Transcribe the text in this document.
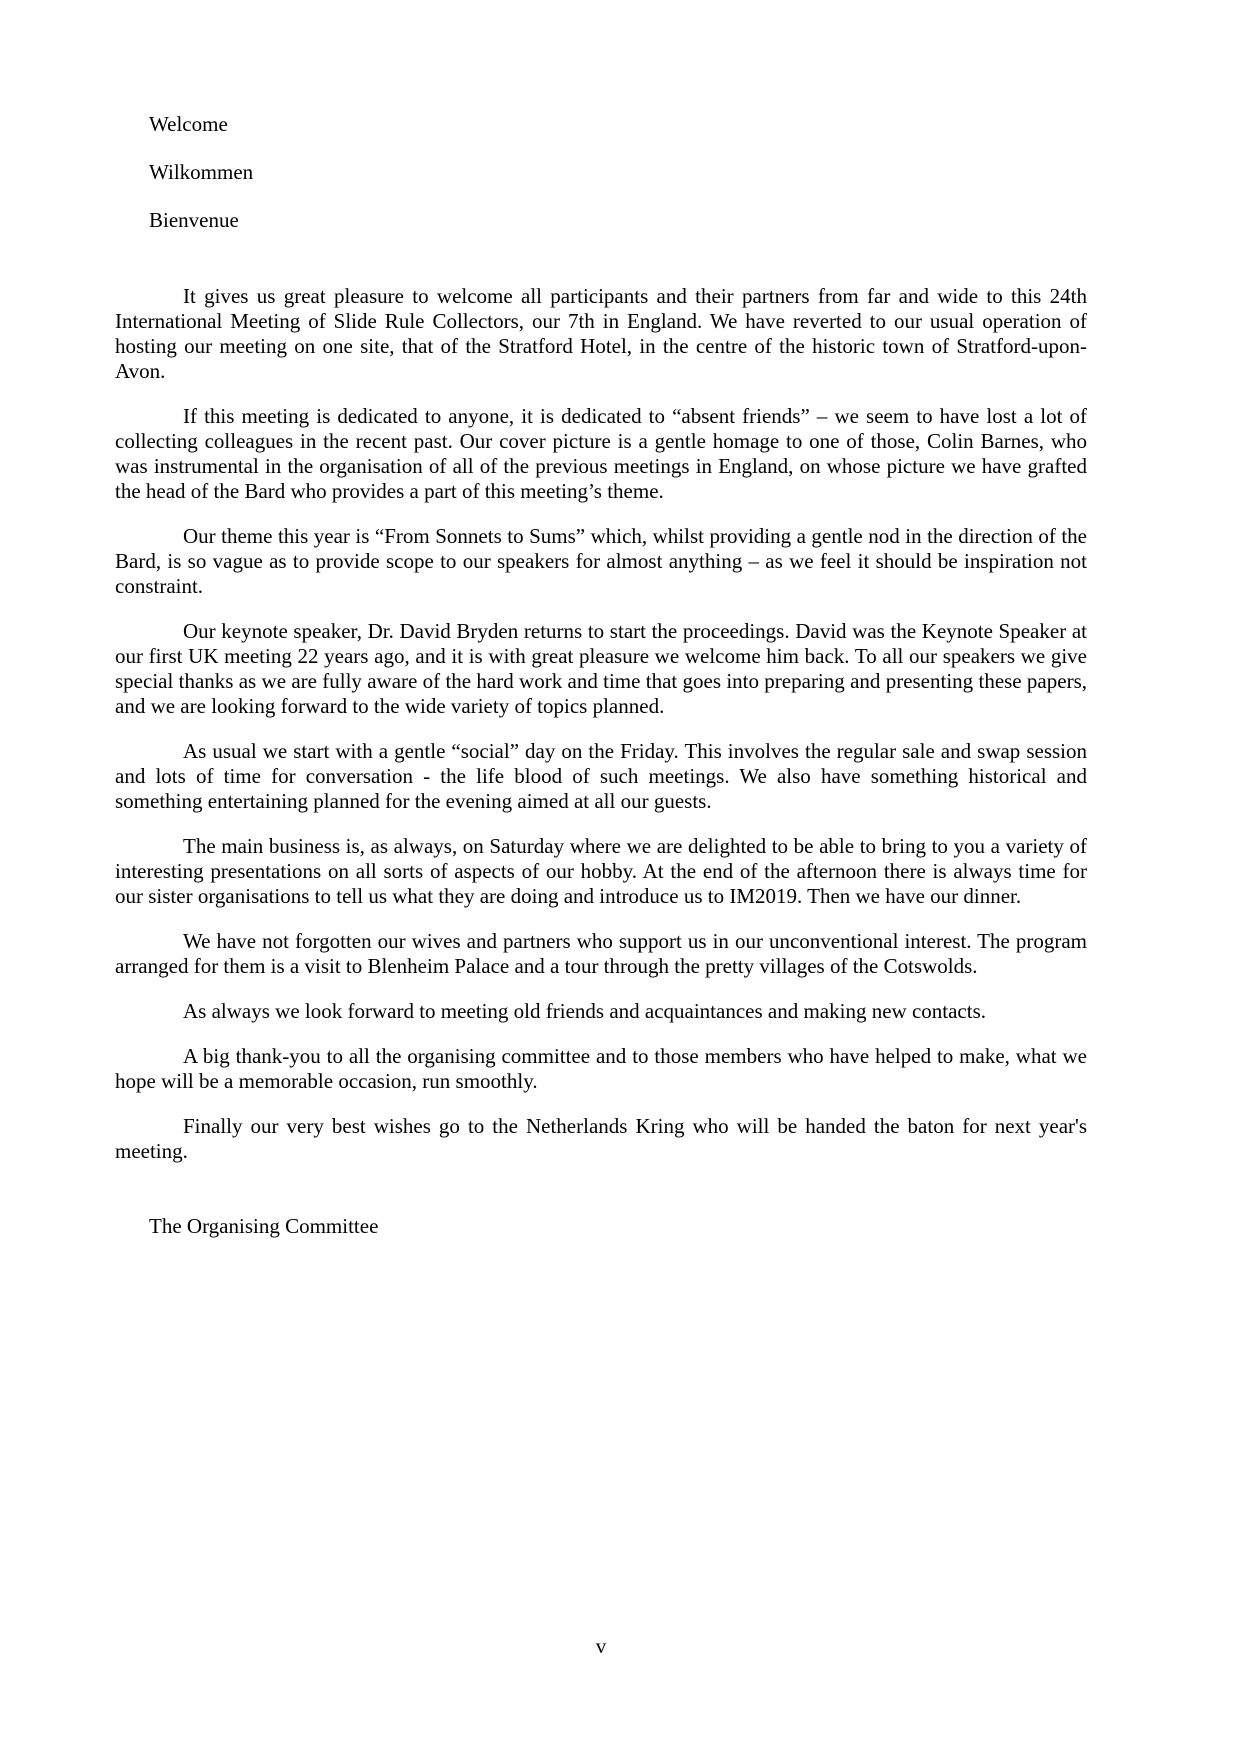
Welcome

Wilkommen

Bienvenue

It gives us great pleasure to welcome all participants and their partners from far and wide to this 24th International Meeting of Slide Rule Collectors, our 7th in England. We have reverted to our usual operation of hosting our meeting on one site, that of the Stratford Hotel, in the centre of the historic town of Stratford-upon-Avon.

If this meeting is dedicated to anyone, it is dedicated to “absent friends” – we seem to have lost a lot of collecting colleagues in the recent past. Our cover picture is a gentle homage to one of those, Colin Barnes, who was instrumental in the organisation of all of the previous meetings in England, on whose picture we have grafted the head of the Bard who provides a part of this meeting’s theme.

Our theme this year is “From Sonnets to Sums” which, whilst providing a gentle nod in the direction of the Bard, is so vague as to provide scope to our speakers for almost anything – as we feel it should be inspiration not constraint.

Our keynote speaker, Dr. David Bryden returns to start the proceedings. David was the Keynote Speaker at our first UK meeting 22 years ago, and it is with great pleasure we welcome him back. To all our speakers we give special thanks as we are fully aware of the hard work and time that goes into preparing and presenting these papers, and we are looking forward to the wide variety of topics planned.

As usual we start with a gentle “social” day on the Friday. This involves the regular sale and swap session and lots of time for conversation - the life blood of such meetings. We also have something historical and something entertaining planned for the evening aimed at all our guests.

The main business is, as always, on Saturday where we are delighted to be able to bring to you a variety of interesting presentations on all sorts of aspects of our hobby. At the end of the afternoon there is always time for our sister organisations to tell us what they are doing and introduce us to IM2019. Then we have our dinner.

We have not forgotten our wives and partners who support us in our unconventional interest. The program arranged for them is a visit to Blenheim Palace and a tour through the pretty villages of the Cotswolds.

As always we look forward to meeting old friends and acquaintances and making new contacts.

A big thank-you to all the organising committee and to those members who have helped to make, what we hope will be a memorable occasion, run smoothly.

Finally our very best wishes go to the Netherlands Kring who will be handed the baton for next year's meeting.

The Organising Committee

v
